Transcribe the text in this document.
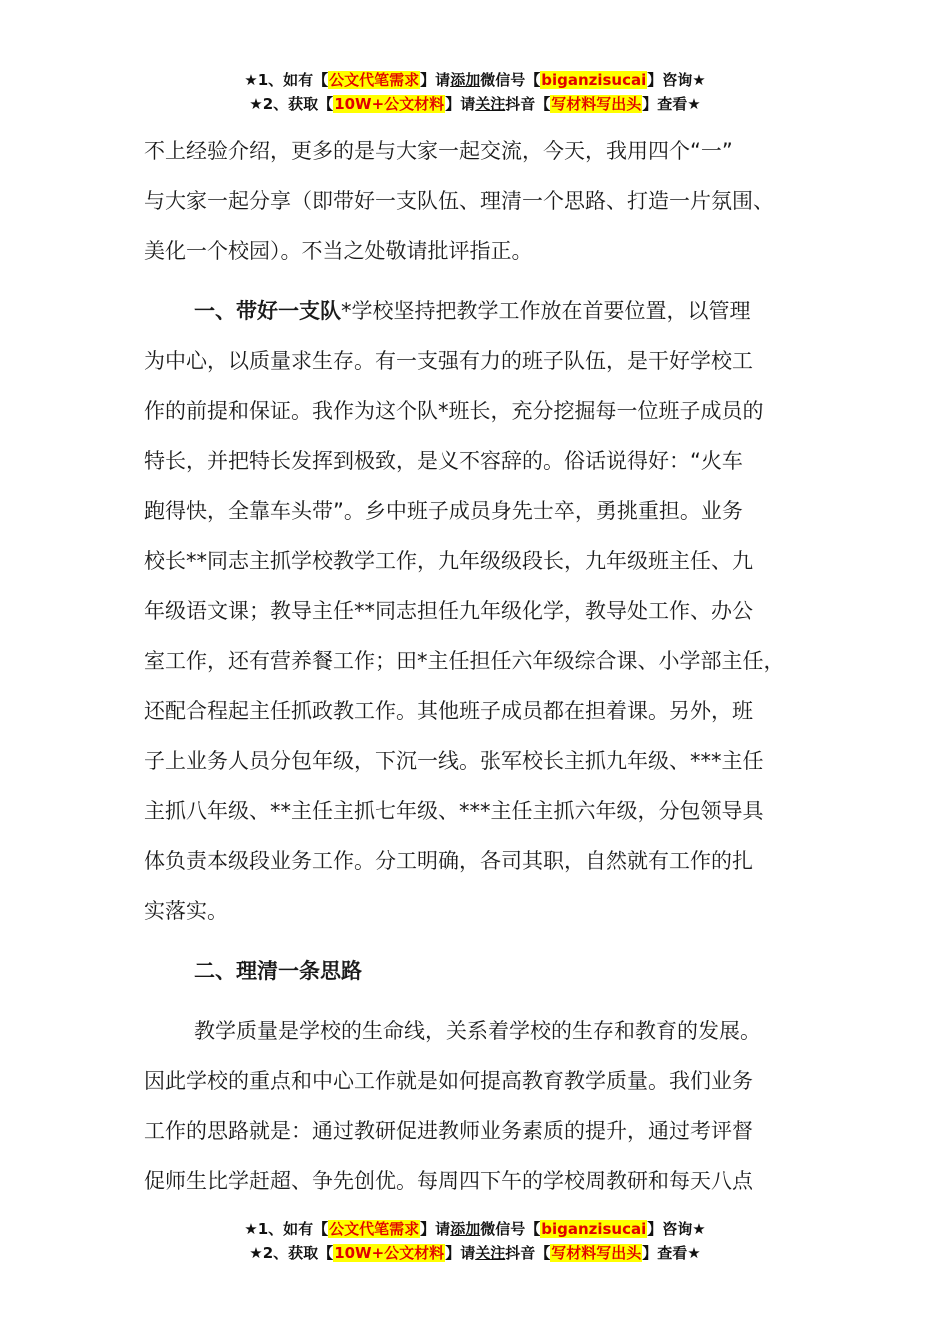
★1、如有【公文代笔需求】请添加微信号【biganzisucai】咨询★
★2、获取【10W+公文材料】请关注抖音【写材料写出头】查看★
不上经验介绍，更多的是与大家一起交流，今天，我用四个“一”
与大家一起分享（即带好一支队伍、理清一个思路、打造一片氛围、
美化一个校园）。不当之处敬请批评指正。
一、带好一支队*学校坚持把教学工作放在首要位置，以管理
为中心，以质量求生存。有一支强有力的班子队伍，是干好学校工
作的前提和保证。我作为这个队*班长，充分挖掘每一位班子成员的
特长，并把特长发挥到极致，是义不容辞的。俗话说得好：“火车
跑得快，全靠车头带”。乡中班子成员身先士卒，勇挑重担。业务
校长**同志主抓学校教学工作，九年级级段长，九年级班主任、九
年级语文课；教导主任**同志担任九年级化学，教导处工作、办公
室工作，还有营养餐工作；田*主任担任六年级综合课、小学部主任，
还配合程起主任抓政教工作。其他班子成员都在担着课。另外，班
子上业务人员分包年级，下沉一线。张军校长主抓九年级、***主任
主抓八年级、**主任主抓七年级、***主任主抓六年级，分包领导具
体负责本级段业务工作。分工明确，各司其职，自然就有工作的扎
实落实。
二、理清一条思路
教学质量是学校的生命线，关系着学校的生存和教育的发展。
因此学校的重点和中心工作就是如何提高教育教学质量。我们业务
工作的思路就是：通过教研促进教师业务素质的提升，通过考评督
促师生比学赶超、争先创优。每周四下午的学校周教研和每天八点
★1、如有【公文代笔需求】请添加微信号【biganzisucai】咨询★
★2、获取【10W+公文材料】请关注抖音【写材料写出头】查看★
